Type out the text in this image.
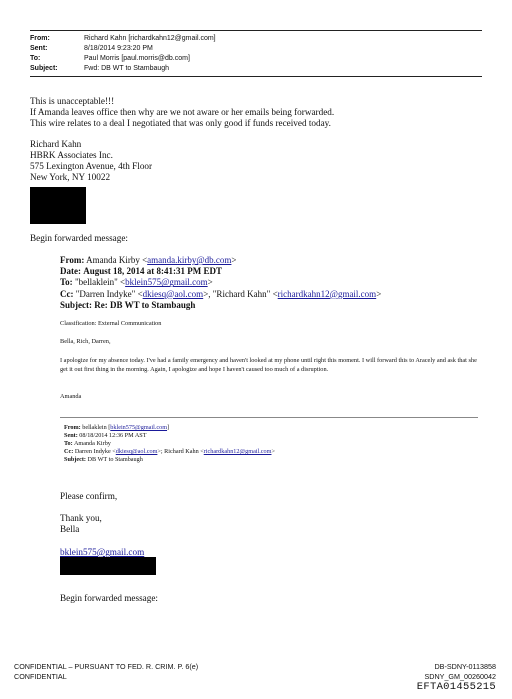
From:	Richard Kahn [richardkahn12@gmail.com]
Sent:	8/18/2014 9:23:20 PM
To:	Paul Morris [paul.morris@db.com]
Subject:	Fwd: DB WT to Stambaugh
This is unacceptable!!!
If Amanda leaves office then why are we not aware or her emails being forwarded.
This wire relates to a deal I negotiated that was only good if funds received today.
Richard Kahn
HBRK Associates Inc.
575 Lexington Avenue, 4th Floor
New York, NY 10022
Begin forwarded message:
From: Amanda Kirby <amanda.kirby@db.com>
Date: August 18, 2014 at 8:41:31 PM EDT
To: "bellaklein" <bklein575@gmail.com>
Cc: "Darren Indyke" <dkiesq@aol.com>, "Richard Kahn" <richardkahn12@gmail.com>
Subject: Re: DB WT to Stambaugh
Classification: External Communication
Bella, Rich, Darren,
I apologize for my absence today. I've had a family emergency and haven't looked at my phone until right this moment. I will forward this to Aracely and ask that she get it out first thing in the morning. Again, I apologize and hope I haven't caused too much of a disruption.
Amanda
From: bellaklein [bklein575@gmail.com]
Sent: 08/18/2014 12:36 PM AST
To: Amanda Kirby
Cc: Darren Indyke <dkiesq@aol.com>; Richard Kahn <richardkahn12@gmail.com>
Subject: DB WT to Stambaugh
Please confirm,
Thank you,
Bella
bklein575@gmail.com
Begin forwarded message:
CONFIDENTIAL – PURSUANT TO FED. R. CRIM. P. 6(e)
CONFIDENTIAL
DB-SDNY-0113858
SDNY_GM_00260042
EFTA01455215
